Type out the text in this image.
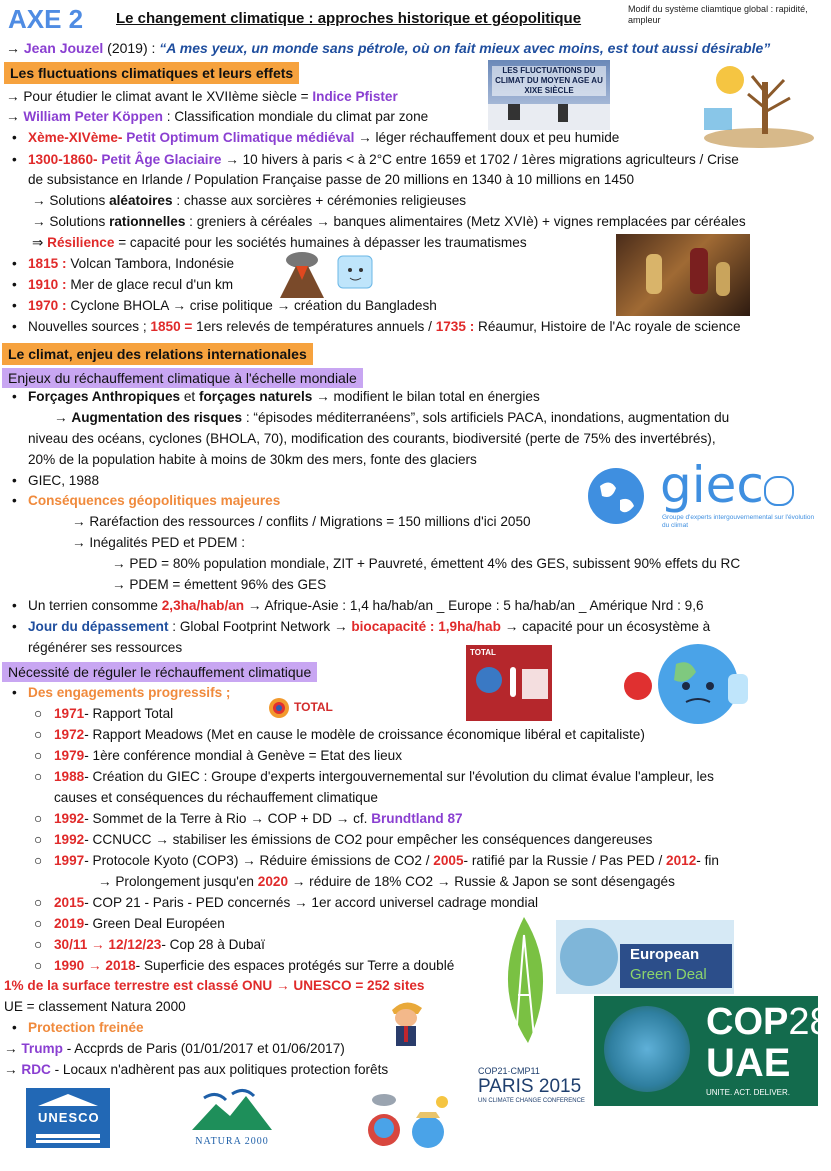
AXE 2 Le changement climatique : approches historique et géopolitique
Modif du système cliamtique global : rapidité, ampleur
→ Jean Jouzel (2019) : “A mes yeux, un monde sans pétrole, où on fait mieux avec moins, est tout aussi désirable”
Les fluctuations climatiques et leurs effets	LES FLUCTUATIONS DU CLIMAT DU MOYEN AGE AU XIXE SIÈCLE
→ Pour étudier le climat avant le XVIIème siècle = Indice Pfister
→ William Peter Köppen : Classification mondiale du climat par zone
• Xème-XIVème- Petit Optimum Climatique médiéval → léger réchauffement doux et peu humide
• 1300-1860- Petit Âge Glaciaire → 10 hivers à paris < à 2°C entre 1659 et 1702 / 1ères migrations agriculteurs / Crise
de subsistance en Irlande / Population Française passe de 20 millions en 1340 à 10 millions en 1450
→ Solutions aléatoires : chasse aux sorcières + cérémonies religieuses
→ Solutions rationnelles : greniers à céréales → banques alimentaires (Metz XVIè) + vignes remplacées par céréales
⇒ Résilience = capacité pour les sociétés humaines à dépasser les traumatismes
• 1815 : Volcan Tambora, Indonésie
• 1910 : Mer de glace recul d'un km
• 1970 : Cyclone BHOLA → crise politique → création du Bangladesh
• Nouvelles sources ; 1850 = 1ers relevés de températures annuels / 1735 : Réaumur, Histoire de l'Ac royale de science
Le climat, enjeu des relations internationales
Enjeux du réchauffement climatique à l'échelle mondiale
• Forçages Anthropiques et forçages naturels → modifient le bilan total en énergies
→ Augmentation des risques : “épisodes méditerranéens”, sols artificiels PACA, inondations, augmentation du
niveau des océans, cyclones (BHOLA, 70), modification des courants, biodiversité (perte de 75% des invertébrés),
20% de la population habite à moins de 30km des mers, fonte des glaciers
• GIEC, 1988
• Conséquences géopolitiques majeures	giec
Groupe d'experts intergouvernemental sur l'évolution du climat
→ Raréfaction des ressources / conflits / Migrations = 150 millions d'ici 2050
→ Inégalités PED et PDEM :
→ PED = 80% population mondiale, ZIT + Pauvreté, émettent 4% des GES, subissent 90% effets du RC
→ PDEM = émettent 96% des GES
• Un terrien consomme 2,3ha/hab/an → Afrique-Asie : 1,4 ha/hab/an _ Europe : 5 ha/hab/an _ Amérique Nrd : 9,6
• Jour du dépassement : Global Footprint Network → biocapacité : 1,9ha/hab → capacité pour un écosystème à
régénérer ses ressources
Nécessité de réguler le réchauffement climatique
TOTAL
• Des engagements progressifs ;
TOTAL
○ 1971- Rapport Total
○ 1972- Rapport Meadows (Met en cause le modèle de croissance économique libéral et capitaliste)
○ 1979- 1ère conférence mondial à Genève = Etat des lieux
○ 1988- Création du GIEC : Groupe d'experts intergouvernemental sur l'évolution du climat évalue l'ampleur, les
causes et conséquences du réchauffement climatique
○ 1992- Sommet de la Terre à Rio → COP + DD → cf. Brundtland 87
○ 1992- CCNUCC → stabiliser les émissions de CO2 pour empêcher les conséquences dangereuses
○ 1997- Protocole Kyoto (COP3) → Réduire émissions de CO2 / 2005- ratifié par la Russie / Pas PED / 2012- fin
→ Prolongement jusqu'en 2020 → réduire de 18% CO2 → Russie & Japon se sont désengagés
○ 2015- COP 21 - Paris - PED concernés → 1er accord universel cadrage mondial
○ 2019- Green Deal Européen
○ 30/11 → 12/12/23- Cop 28 à Dubaï
○ 1990 → 2018- Superficie des espaces protégés sur Terre a doublé
1% de la surface terrestre est classé ONU → UNESCO = 252 sites
UE = classement Natura 2000
• Protection freinée
→ Trump - Accprds de Paris (01/01/2017 et 01/06/2017)
→ RDC - Locaux n'adhèrent pas aux politiques protection forêts
European
Green Deal
COP28
UAE
UNITE. ACT. DELIVER.
COP21·CMP11
PARIS 2015
UN CLIMATE CHANGE CONFERENCE
UNESCO
NATURA 2000
